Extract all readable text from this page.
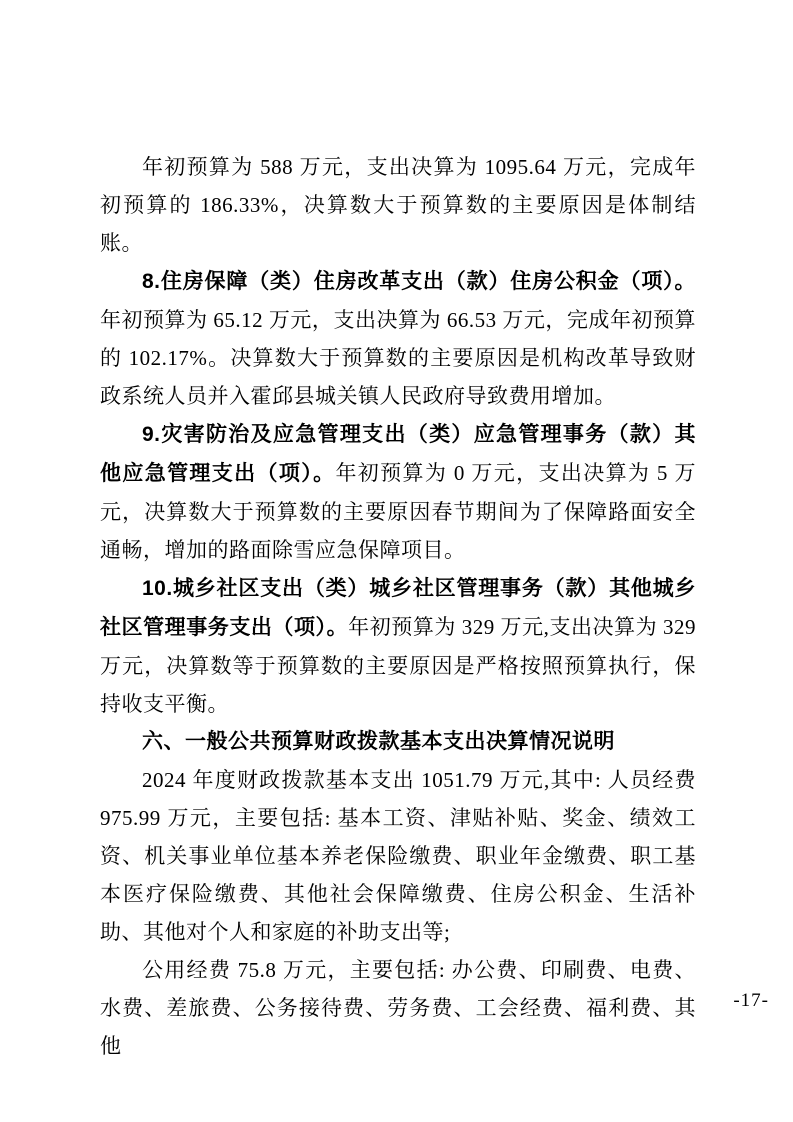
年初预算为 588 万元，支出决算为 1095.64 万元，完成年初预算的 186.33%，决算数大于预算数的主要原因是体制结账。

8.住房保障（类）住房改革支出（款）住房公积金（项）。年初预算为 65.12 万元，支出决算为 66.53 万元，完成年初预算的 102.17%。决算数大于预算数的主要原因是机构改革导致财政系统人员并入霍邱县城关镇人民政府导致费用增加。

9.灾害防治及应急管理支出（类）应急管理事务（款）其他应急管理支出（项）。年初预算为 0 万元，支出决算为 5 万元，决算数大于预算数的主要原因春节期间为了保障路面安全通畅，增加的路面除雪应急保障项目。

10.城乡社区支出（类）城乡社区管理事务（款）其他城乡社区管理事务支出（项）。年初预算为 329 万元,支出决算为 329 万元，决算数等于预算数的主要原因是严格按照预算执行，保持收支平衡。

六、一般公共预算财政拨款基本支出决算情况说明

2024 年度财政拨款基本支出 1051.79 万元,其中: 人员经费 975.99 万元，主要包括: 基本工资、津贴补贴、奖金、绩效工资、机关事业单位基本养老保险缴费、职业年金缴费、职工基本医疗保险缴费、其他社会保障缴费、住房公积金、生活补助、其他对个人和家庭的补助支出等;

公用经费 75.8 万元，主要包括: 办公费、印刷费、电费、水费、差旅费、公务接待费、劳务费、工会经费、福利费、其他

-17-
